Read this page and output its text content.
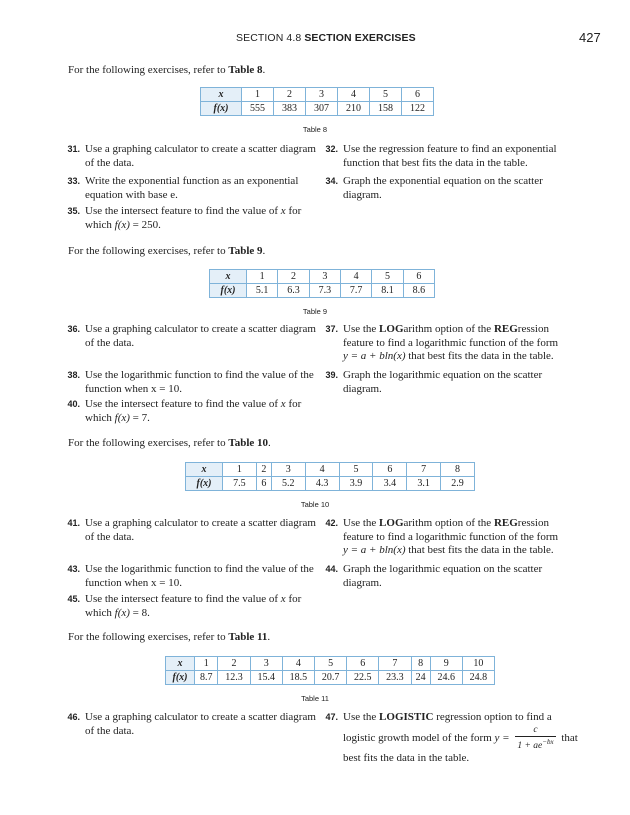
SECTION 4.8 SECTION EXERCISES	427
For the following exercises, refer to Table 8.
x	1	2	3	4	5	6
f(x)	555	383	307	210	158	122
Table 8
31. Use a graphing calculator to create a scatter diagram of the data.
32. Use the regression feature to find an exponential function that best fits the data in the table.
33. Write the exponential function as an exponential equation with base e.
34. Graph the exponential equation on the scatter diagram.
35. Use the intersect feature to find the value of x for which f(x) = 250.
For the following exercises, refer to Table 9.
x	1	2	3	4	5	6
f(x)	5.1	6.3	7.3	7.7	8.1	8.6
Table 9
36. Use a graphing calculator to create a scatter diagram of the data.
37. Use the LOGarithm option of the REGression feature to find a logarithmic function of the form
y = a + bln(x) that best fits the data in the table.
38. Use the logarithmic function to find the value of the function when x = 10.
39. Graph the logarithmic equation on the scatter diagram.
40. Use the intersect feature to find the value of x for which f(x) = 7.
For the following exercises, refer to Table 10.
x	1	2	3	4	5	6	7	8
f(x)	7.5	6	5.2	4.3	3.9	3.4	3.1	2.9
Table 10
41. Use a graphing calculator to create a scatter diagram of the data.
42. Use the LOGarithm option of the REGression feature to find a logarithmic function of the form
y = a + bln(x) that best fits the data in the table.
43. Use the logarithmic function to find the value of the function when x = 10.
44. Graph the logarithmic equation on the scatter diagram.
45. Use the intersect feature to find the value of x for which f(x) = 8.
For the following exercises, refer to Table 11.
x	1	2	3	4	5	6	7	8	9	10
f(x)	8.7	12.3	15.4	18.5	20.7	22.5	23.3	24	24.6	24.8
Table 11
46. Use a graphing calculator to create a scatter diagram of the data.
47. Use the LOGISTIC regression option to find a logistic growth model of the form $y = \frac{c}{1 + ae^{-bx}}$ that
best fits the data in the table.
